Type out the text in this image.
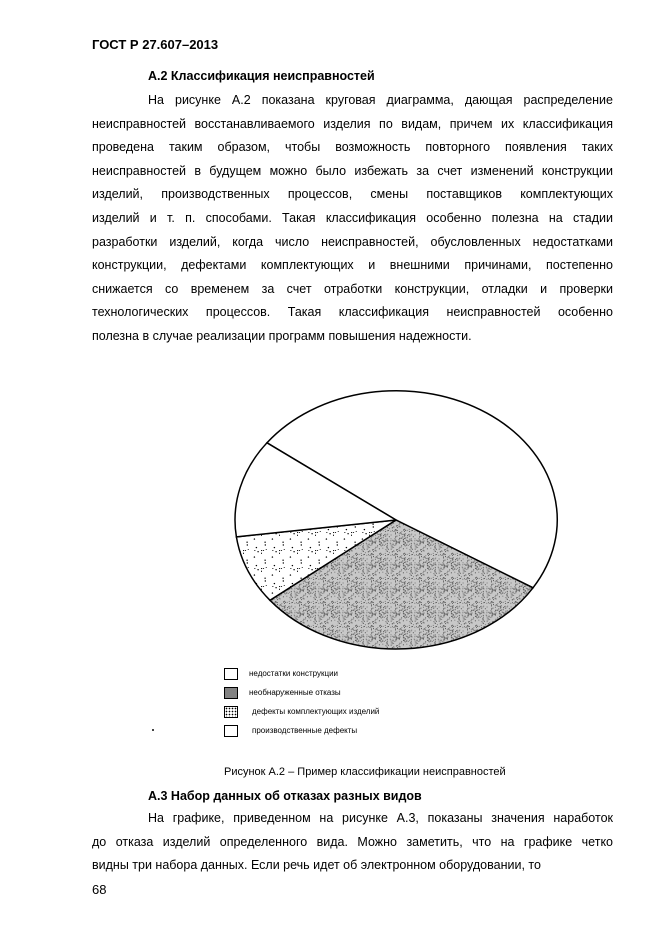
ГОСТ Р 27.607–2013
А.2 Классификация неисправностей
На рисунке А.2 показана круговая диаграмма, дающая распределение
неисправностей восстанавливаемого изделия по видам, причем их классификация
проведена таким образом, чтобы возможность повторного появления таких
неисправностей в будущем можно было избежать за счет изменений конструкции
изделий, производственных процессов, смены поставщиков комплектующих
изделий и т. п. способами. Такая классификация особенно полезна на стадии
разработки изделий, когда число неисправностей, обусловленных недостатками
конструкции, дефектами комплектующих и внешними причинами, постепенно
снижается со временем за счет отработки конструкции, отладки и проверки
технологических процессов. Такая классификация неисправностей особенно
полезна в случае реализации программ повышения надежности.
недостатки конструкции
необнаруженные отказы
дефекты комплектующих изделий
производственные дефекты
Рисунок А.2 – Пример классификации неисправностей
А.3 Набор данных об отказах разных видов
На графике, приведенном на рисунке А.3, показаны значения наработок
до отказа изделий определенного вида. Можно заметить, что на графике четко
видны три набора данных. Если речь идет об электронном оборудовании, то
68
